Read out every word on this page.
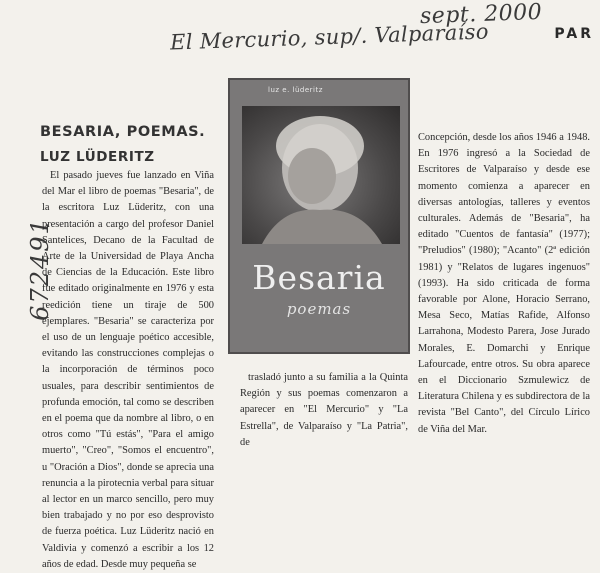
sept. 2000
El Mercurio, sup/. Valparaíso
672491
PAR
BESARIA, POEMAS.
LUZ LÜDERITZ
El pasado jueves fue lanzado en Viña del Mar el libro de poemas "Besaria", de la escritora Luz Lüderitz, con una presentación a cargo del profesor Daniel Santelices, Decano de la Facultad de Arte de la Universidad de Playa Ancha de Ciencias de la Educación. Este libro fue editado originalmente en 1976 y esta reedición tiene un tiraje de 500 ejemplares. "Besaria" se caracteriza por el uso de un lenguaje poético accesible, evitando las construcciones complejas o la incorporación de términos poco usuales, para describir sentimientos de profunda emoción, tal como se describen en el poema que da nombre al libro, o en otros como "Tú estás", "Para el amigo muerto", "Creo", "Somos el encuentro", u "Oración a Dios", donde se aprecia una renuncia a la pirotecnia verbal para situar al lector en un marco sencillo, pero muy bien trabajado y no por eso desprovisto de fuerza poética. Luz Lüderitz nació en Valdivia y comenzó a escribir a los 12 años de edad. Desde muy pequeña se
luz e. lüderitz
Besaria
poemas
trasladó junto a su familia a la Quinta Región y sus poemas comenzaron a aparecer en "El Mercurio" y "La Estrella", de Valparaíso y "La Patria", de
Concepción, desde los años 1946 a 1948. En 1976 ingresó a la Sociedad de Escritores de Valparaíso y desde ese momento comienza a aparecer en diversas antologías, talleres y eventos culturales. Además de "Besaria", ha editado "Cuentos de fantasía" (1977); "Preludios" (1980); "Acanto" (2ª edición 1981) y "Relatos de lugares ingenuos" (1993). Ha sido criticada de forma favorable por Alone, Horacio Serrano, Mesa Seco, Matías Rafide, Alfonso Larrahona, Modesto Parera, Jose Jurado Morales, E. Domarchi y Enrique Lafourcade, entre otros. Su obra aparece en el Diccionario Szmulewicz de Literatura Chilena y es subdirectora de la revista "Bel Canto", del Círculo Lírico de Viña del Mar.
